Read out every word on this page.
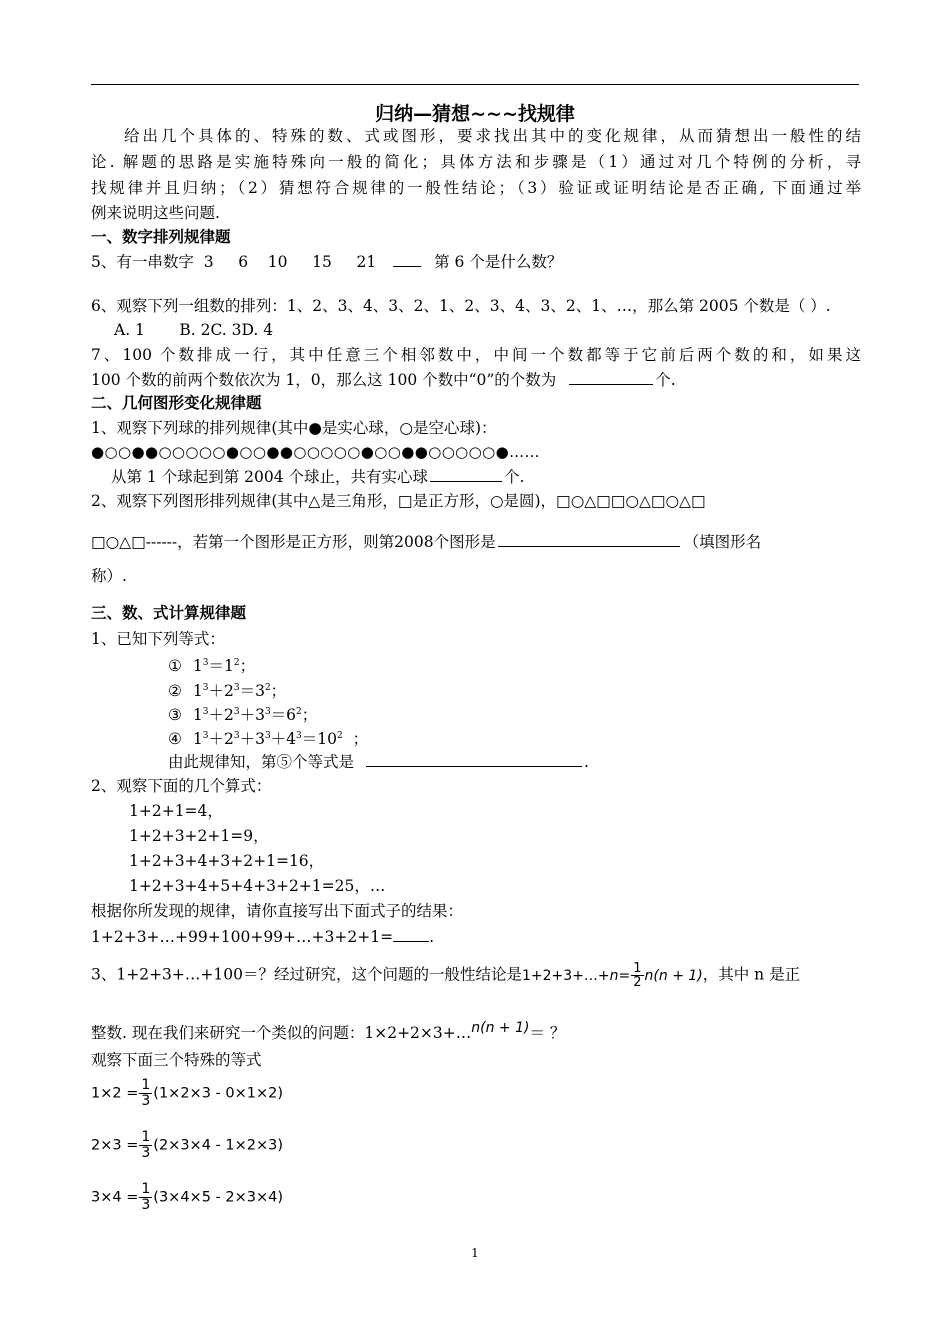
归纳—猜想~~~找规律
给出几个具体的、特殊的数、式或图形，要求找出其中的变化规律，从而猜想出一般性的结
论. 解题的思路是实施特殊向一般的简化；具体方法和步骤是（1）通过对几个特例的分析，寻
找规律并且归纳；（2）猜想符合规律的一般性结论；（3）验证或证明结论是否正确, 下面通过举
例来说明这些问题.
一、数字排列规律题
5、有一串数字  3     6    10     15     21	第 6 个是什么数？
6、观察下列一组数的排列：1、2、3、4、3、2、1、2、3、4、3、2、1、…，那么第 2005 个数是（ ）.
A. 1       B. 2C. 3D. 4
7、100 个数排成一行，其中任意三个相邻数中，中间一个数都等于它前后两个数的和，如果这
100 个数的前两个数依次为 1，0，那么这 100 个数中“0”的个数为	个.
二、几何图形变化规律题
1、观察下列球的排列规律(其中●是实心球，○是空心球)：
●○○●●○○○○○●○○●●○○○○○●○○●●○○○○○●……
从第 1 个球起到第 2004 个球止，共有实心球	个.
2、观察下列图形排列规律(其中△是三角形，□是正方形，○是圆)，□○△□□○△□○△□
□○△□------，若第一个图形是正方形，则第2008个图形是	（填图形名
称）.
三、数、式计算规律题
1、已知下列等式：
① $1^3=1^2$；
② $1^3+2^3=3^2$；
③ $1^3+2^3+3^3=6^2$；
④ $1^3+2^3+3^3+4^3=10^2$  ；
由此规律知，第⑤个等式是	.
2、观察下面的几个算式：
1+2+1=4，
1+2+3+2+1=9，
1+2+3+4+3+2+1=16，
1+2+3+4+5+4+3+2+1=25，…
根据你所发现的规律，请你直接写出下面式子的结果：
1+2+3+…+99+100+99+…+3+2+1= .
3、1+2+3+…+100＝？经过研究，这个问题的一般性结论是1+2+3+…+n= $\frac{1}{2} n(n + 1)$，其中 n 是正
整数. 现在我们来研究一个类似的问题：1×2+2×3+…n(n + 1)＝ ？
观察下面三个特殊的等式
$1\times 2 = \frac{1}{3} (1\times 2\times 3 - 0\times 1\times 2)$
$2\times 3 = \frac{1}{3} (2\times 3\times 4 - 1\times 2\times 3)$
$3\times 4 = \frac{1}{3} (3\times 4\times 5 - 2\times 3\times 4)$
1
